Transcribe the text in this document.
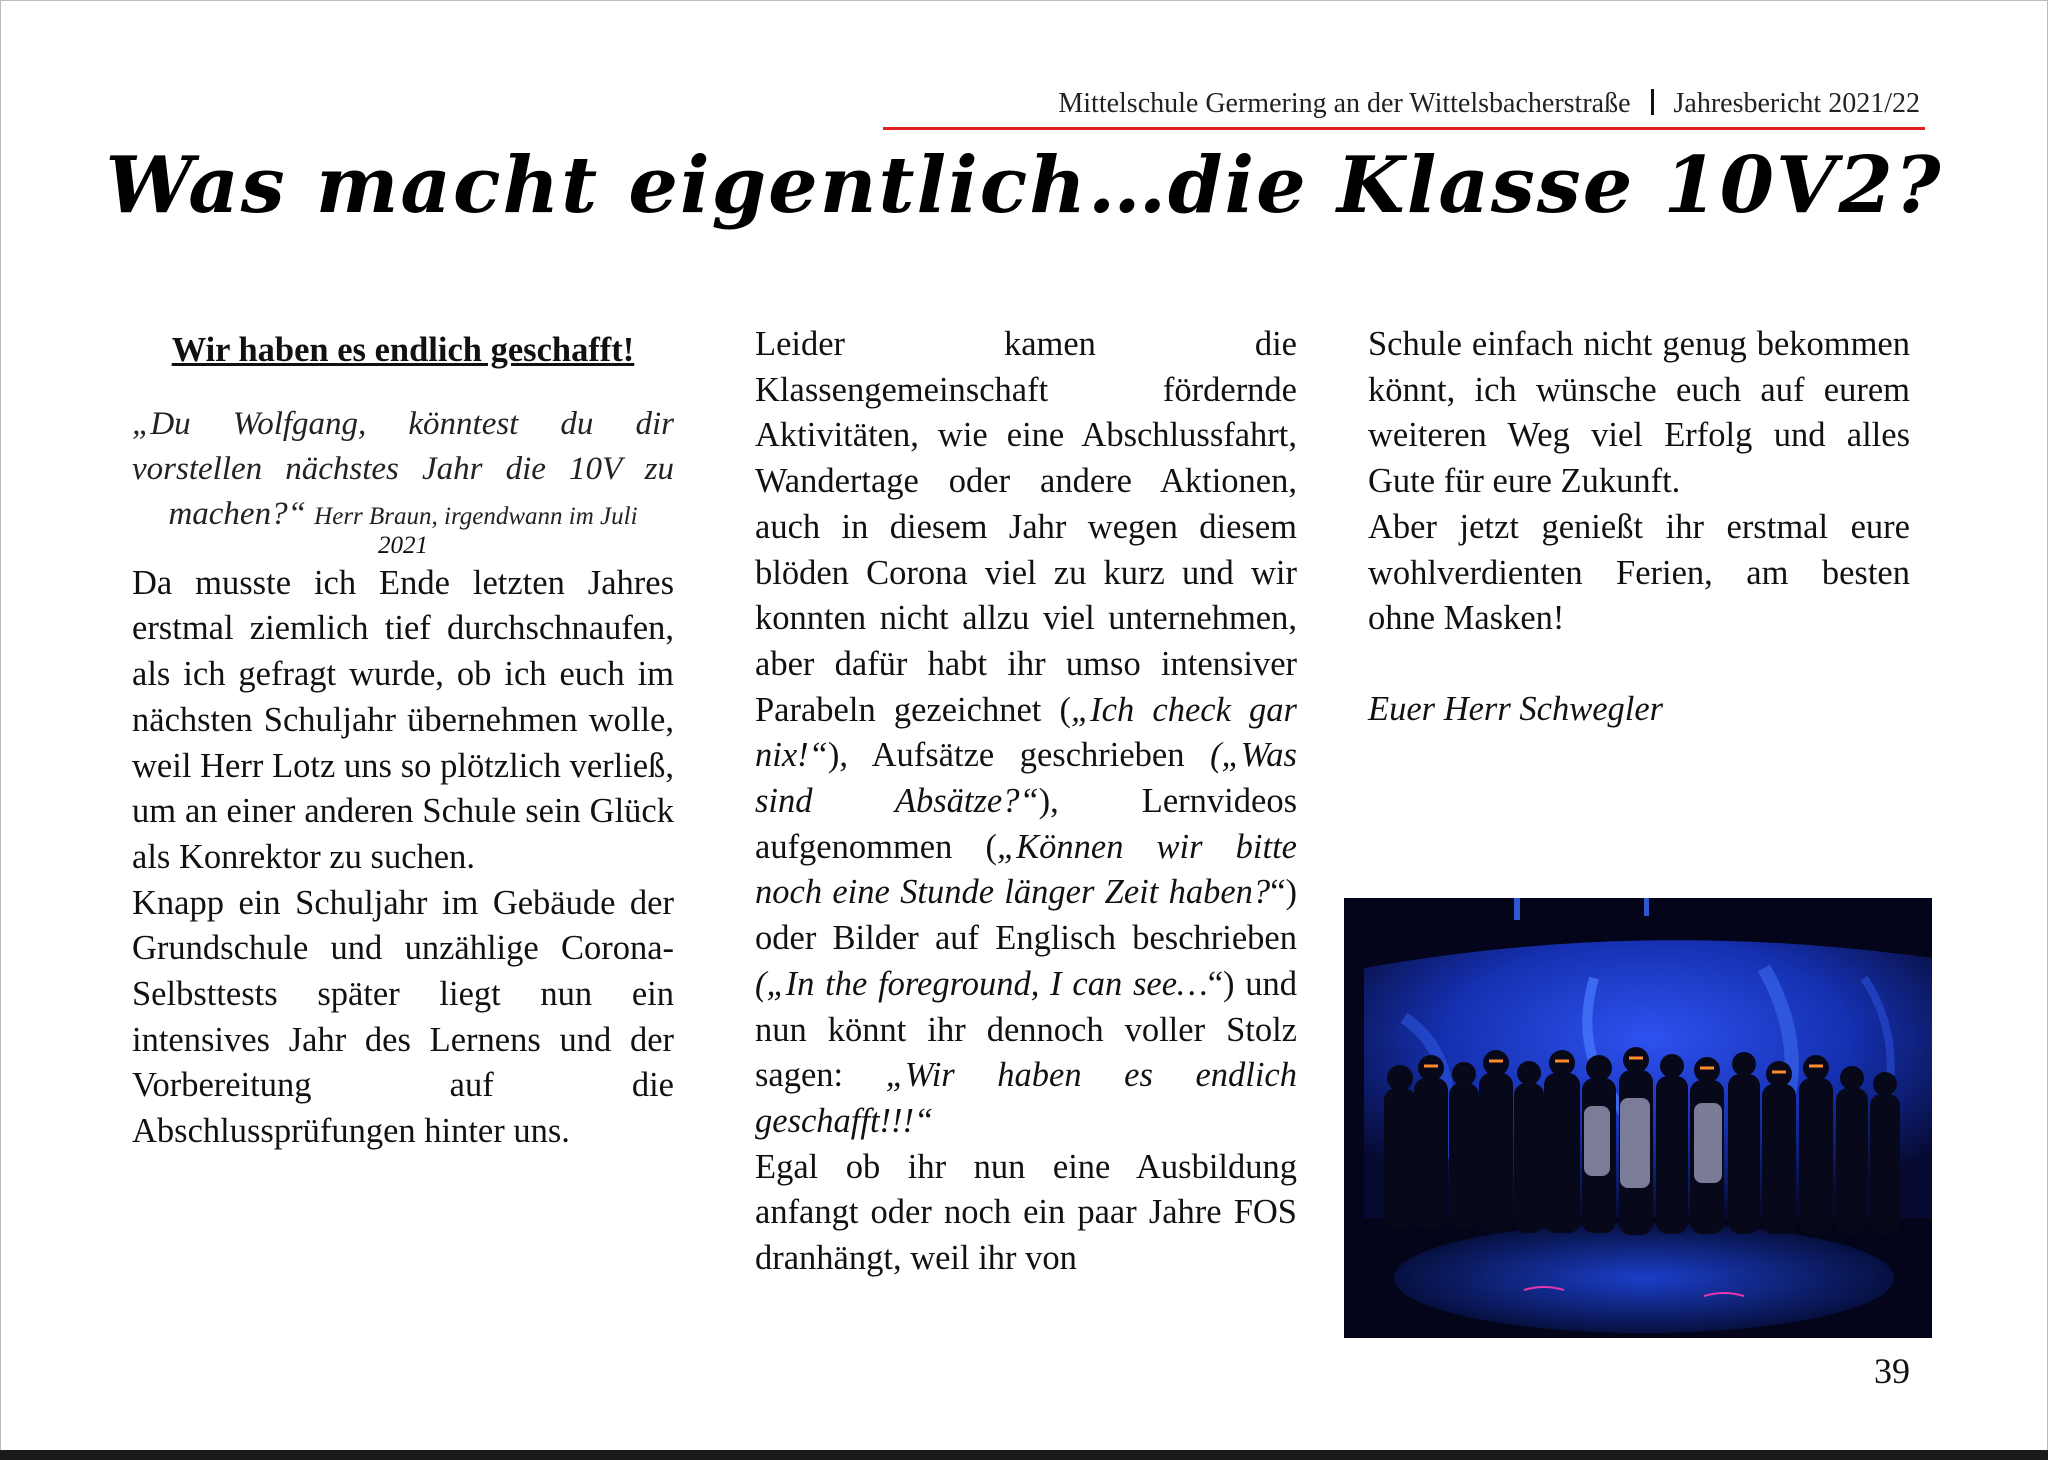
Mittelschule Germering an der Wittelsbacherstraße Jahresbericht 2021/22
Was macht eigentlich…die Klasse 10V2?

Wir haben es endlich geschafft!

„Du Wolfgang, könntest du dir vorstellen nächstes Jahr die 10V zu machen?“ Herr Braun, irgendwann im Juli

2021

Da musste ich Ende letzten Jahres erstmal ziemlich tief durchschnaufen, als ich gefragt wurde, ob ich euch im nächsten Schuljahr übernehmen wolle, weil Herr Lotz uns so plötzlich verließ, um an einer anderen Schule sein Glück als Konrektor zu suchen.

Knapp ein Schuljahr im Gebäude der Grundschule und unzählige Corona-Selbsttests später liegt nun ein intensives Jahr des Lernens und der Vorbereitung auf die Abschlussprüfungen hinter uns.

Leider kamen die Klassengemeinschaft fördernde Aktivitäten, wie eine Abschlussfahrt, Wandertage oder andere Aktionen, auch in diesem Jahr wegen diesem blöden Corona viel zu kurz und wir konnten nicht allzu viel unternehmen, aber dafür habt ihr umso intensiver Parabeln gezeichnet („Ich check gar nix!“), Aufsätze geschrieben („Was sind Absätze?“), Lernvideos aufgenommen („Können wir bitte noch eine Stunde länger Zeit haben?“) oder Bilder auf Englisch beschrieben („In the foreground, I can see…“) und nun könnt ihr dennoch voller Stolz sagen: „Wir haben es endlich geschafft!!!“

Egal ob ihr nun eine Ausbildung anfangt oder noch ein paar Jahre FOS dranhängt, weil ihr von

Schule einfach nicht genug bekommen könnt, ich wünsche euch auf eurem weiteren Weg viel Erfolg und alles Gute für eure Zukunft.

Aber jetzt genießt ihr erstmal eure wohlverdienten Ferien, am besten ohne Masken!

Euer Herr Schwegler

39
